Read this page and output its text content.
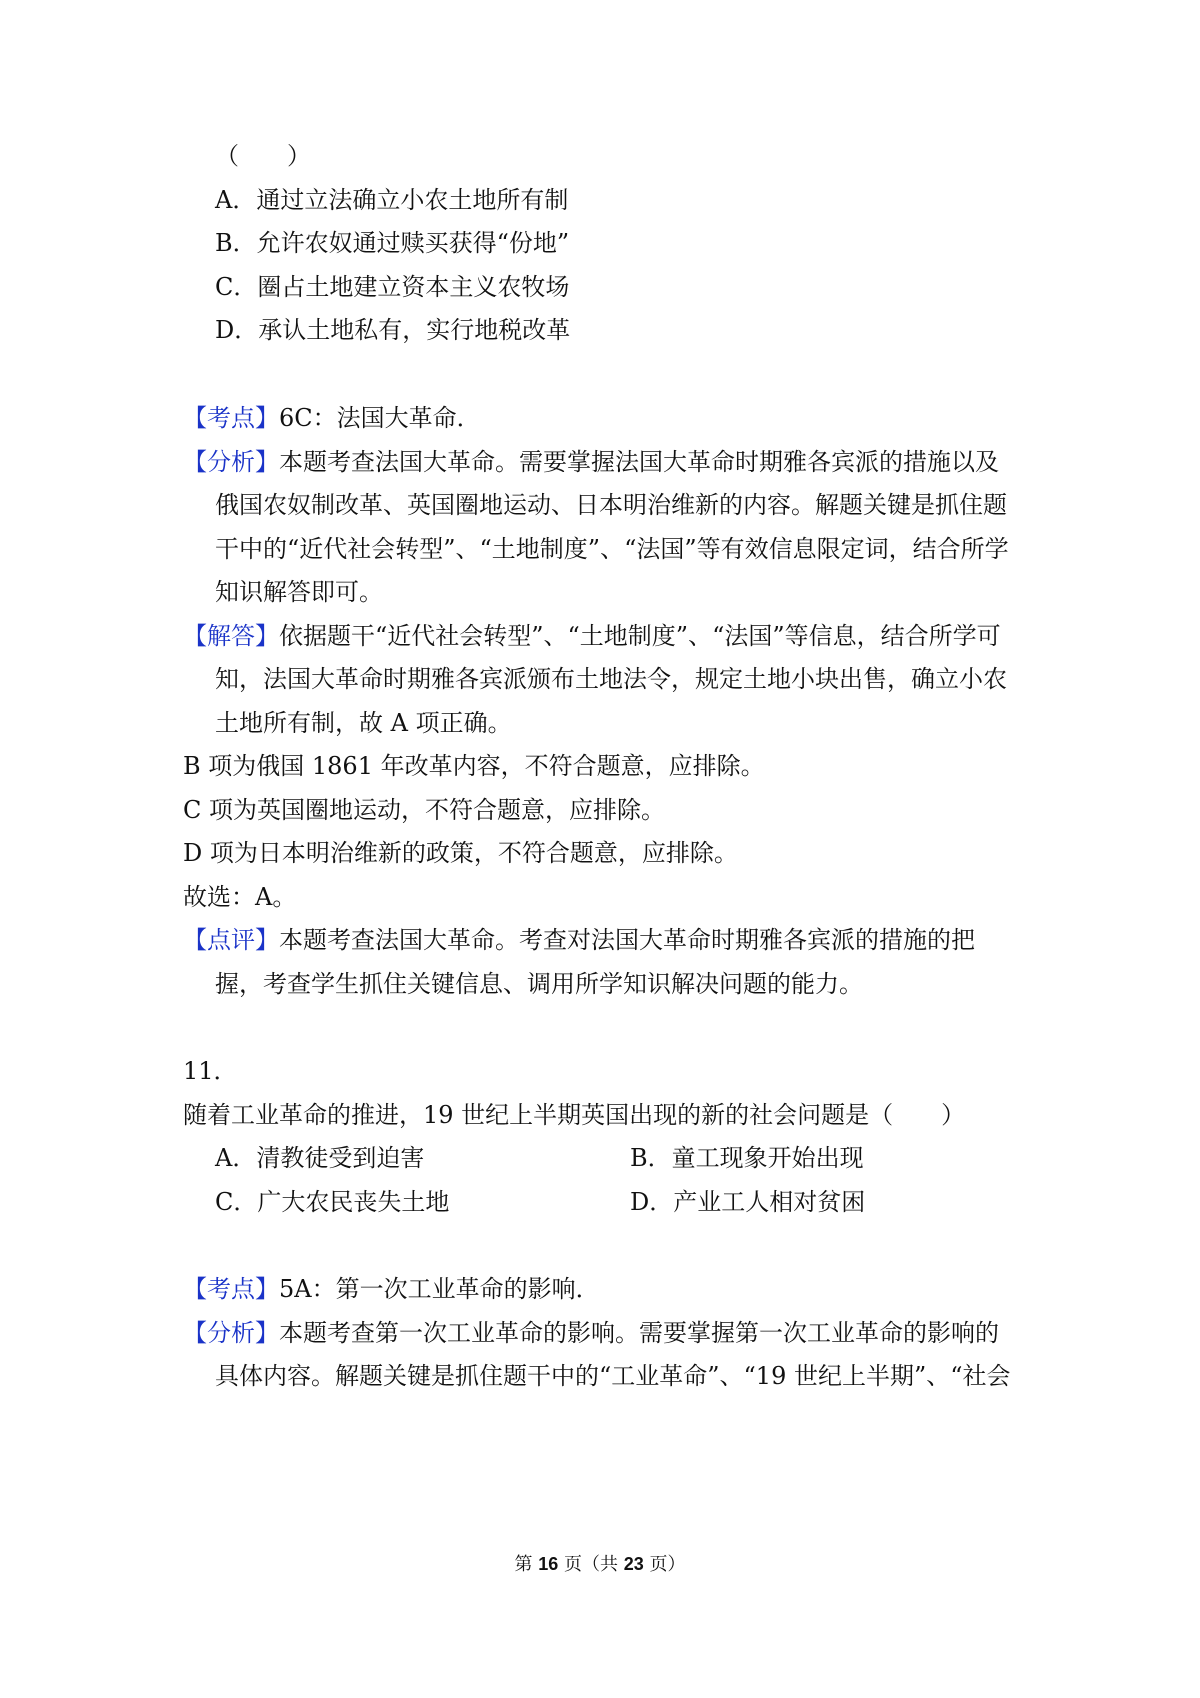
（　　）
A．通过立法确立小农土地所有制
B．允许农奴通过赎买获得“份地”
C．圈占土地建立资本主义农牧场
D．承认土地私有，实行地税改革
【考点】6C：法国大革命．
【分析】本题考查法国大革命。需要掌握法国大革命时期雅各宾派的措施以及
俄国农奴制改革、英国圈地运动、日本明治维新的内容。解题关键是抓住题
干中的“近代社会转型”、“土地制度”、“法国”等有效信息限定词，结合所学
知识解答即可。
【解答】依据题干“近代社会转型”、“土地制度”、“法国”等信息，结合所学可
知，法国大革命时期雅各宾派颁布土地法令，规定土地小块出售，确立小农
土地所有制，故 A 项正确。
B 项为俄国 1861 年改革内容，不符合题意，应排除。
C 项为英国圈地运动，不符合题意，应排除。
D 项为日本明治维新的政策，不符合题意，应排除。
故选：A。
【点评】本题考查法国大革命。考查对法国大革命时期雅各宾派的措施的把
握，考查学生抓住关键信息、调用所学知识解决问题的能力。
11．
随着工业革命的推进，19 世纪上半期英国出现的新的社会问题是（　　）
A．清教徒受到迫害	B．童工现象开始出现
C．广大农民丧失土地	D．产业工人相对贫困
【考点】5A：第一次工业革命的影响．
【分析】本题考查第一次工业革命的影响。需要掌握第一次工业革命的影响的
具体内容。解题关键是抓住题干中的“工业革命”、“19 世纪上半期”、“社会
第 16 页（共 23 页）
